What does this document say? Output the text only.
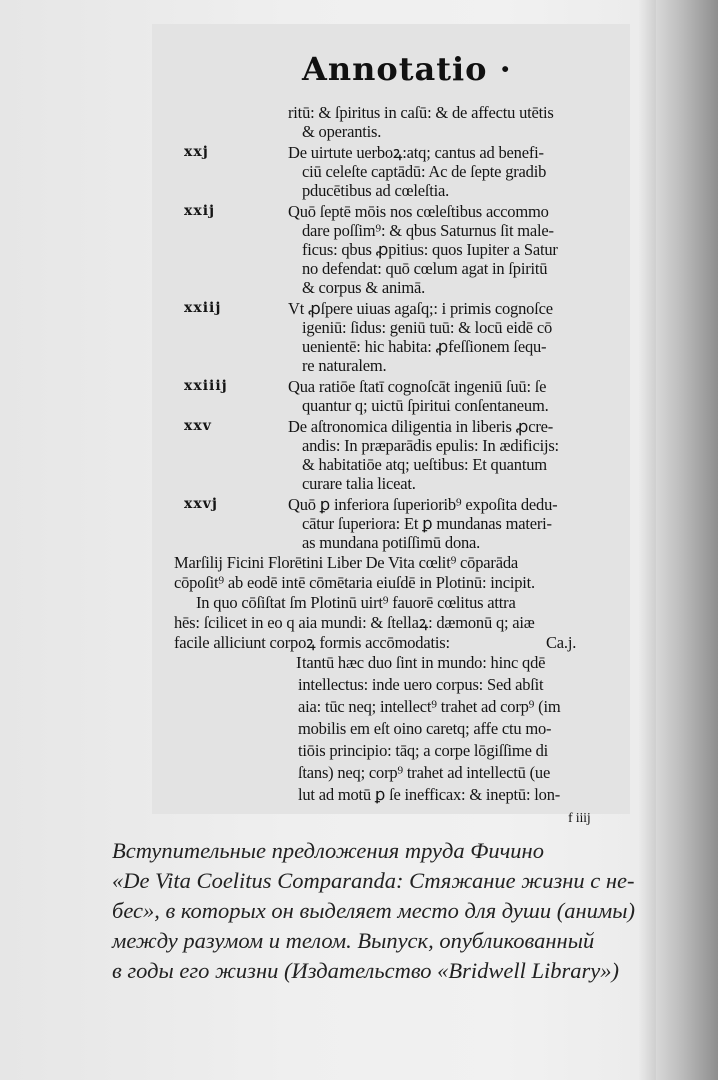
Annotatio ·
ritū: & ſpiritus in caſū: & de affectu utētis
& operantis.
xxj	De uirtute uerboꝝ:atq; cantus ad benefi-
ciū celeſte captādū: Ac de ſepte gradib
pducētibus ad cœleſtia.
xxij	Quō ſeptē mōis nos cœleſtibus accommo
dare poſſim⁹: & qbus Saturnus ſit male-
ficus: qbus ꝓpitius: quos Iupiter a Satur
no defendat: quō cœlum agat in ſpiritū
& corpus & animā.
xxiij	Vt ꝓſpere uiuas agaſq;: i primis cognoſce
igeniū: ſidus: geniū tuū: & locū eidē cō
uenientē: hic habita: ꝓfeſſionem ſequ-
re naturalem.
xxiiij	Qua ratiōe ſtatī cognoſcāt ingeniū ſuū: ſe
quantur q; uictū ſpiritui conſentaneum.
xxv	De aſtronomica diligentia in liberis ꝓcre-
andis: In præparādis epulis: In ædificijs:
& habitatiōe atq; ueſtibus: Et quantum
curare talia liceat.
xxvj	Quō ꝑ inferiora ſuperiorib⁹ expoſita dedu-
cātur ſuperiora: Et ꝑ mundanas materi-
as mundana potiſſimū dona.
Marſilij Ficini Florētini Liber De Vita cœlit⁹ cōparāda
cōpoſit⁹ ab eodē intē cōmētaria eiuſdē in Plotinū: incipit.
In quo cōſiſtat ſm Plotinū uirt⁹ fauorē cœlitus attra
hēs: ſcilicet in eo q aia mundi: & ſtellaꝝ: dæmonū q; aiæ
facile alliciunt corpoꝝ formis accōmodatis:	Ca.j.
I tantū hæc duo ſint in mundo: hinc qdē
intellectus: inde uero corpus: Sed abſit
aia: tūc neq; intellect⁹ trahet ad corp⁹ (im
mobilis em eſt oino caretq; affe ctu mo-
tiōis principio: tāq; a corpe lōgiſſime di
ſtans) neq; corp⁹ trahet ad intellectū (ue
lut ad motū ꝑ ſe inefficax: & ineptū: lon-
f iiij
Вступительные предложения труда Фичино
«De Vita Coelitus Comparanda: Стяжание жизни с не-
бес», в которых он выделяет место для души (анимы)
между разумом и телом. Выпуск, опубликованный
в годы его жизни (Издательство «Bridwell Library»)
